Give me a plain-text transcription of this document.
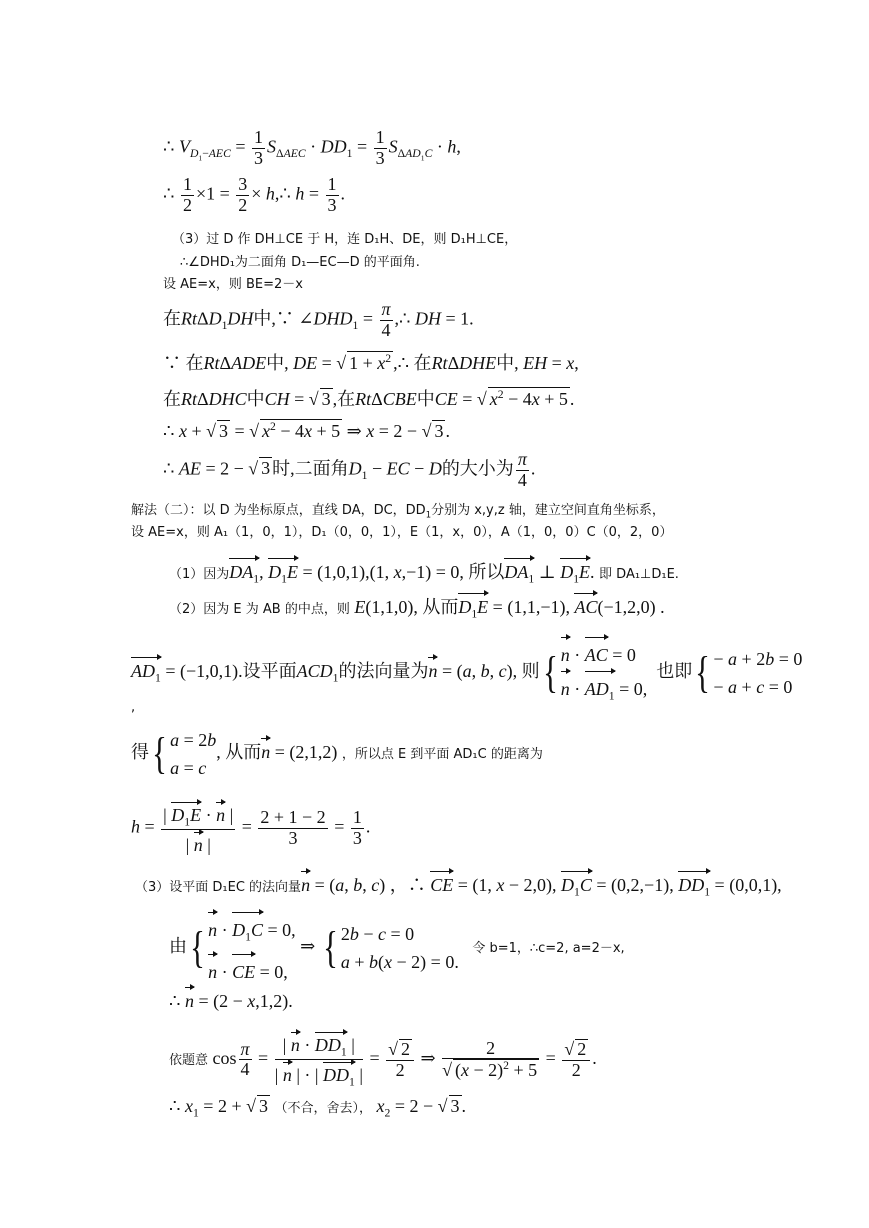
∴ $V_{D_1-AEC} = \frac{1}{3} S_{\Delta AEC} \cdot DD_1 = \frac{1}{3} S_{\Delta AD_1C} \cdot h$,
∴ $\frac{1}{2} \times 1 = \frac{3}{2}$ × h,∴ $h = \frac{1}{3}$ .
（3）过 D 作 DH⊥CE 于 H，连 D₁H、DE，则 D₁H⊥CE，
∴∠DHD₁为二面角 D₁—EC—D 的平面角.
设 AE=x，则 BE=2－x
在RtΔD$_1$DH中,∵ $\angle DHD_1 = \frac{\pi}{4}$ ,∴ DH = 1.
∵ 在RtΔADE中, DE = √ $1 + x^2$ ,∴ 在RtΔDHE中, EH = x,
在RtΔDHC中CH = √ 3 ,在RtΔCBE中CE = √ $x^2 - 4x + 5$ .
∴ x + √ 3 = √ $x^2 - 4x + 5$ ⇒ x = 2 − √ 3 .
∴ AE = 2 − √ 3 时,二面角$D_1$ − EC − D的大小为 $\frac{\pi}{4}$ .
解法（二）：以 D 为坐标原点，直线 DA，DC，$DD_1$分别为 x,y,z 轴，建立空间直角坐标系，
设 AE=x，则 A₁（1，0，1），D₁（0，0，1），E（1，x，0），A（1，0，0）C（0，2，0）
（1）因为$DA_1$, $D_1E = (1,0,1),(1$, x,−1) = 0, 所以$DA_1$ ⊥ $D_1E$. 即 DA₁⊥D₁E.
（2）因为 E 为 AB 的中点，则 E(1,1,0), 从而$D_1E = (1,1,-1)$, AC(−1,2,0) .
$AD_1 = (-1,0,1)$.设平面$ACD_1$的法向量为n = (a, b, c), 则{ n · AC = 0
$n \cdot AD_1 = 0$,  也即{ − a + 2b = 0
− a + c = 0
,
得{ a = 2b
a = c, 从而n = (2,1,2) ，所以点 E 到平面 AD₁C 的距离为
$h = \frac{| D_1E \cdot n |}{| n |} = \frac{2 + 1 - 2}{3} = \frac{1}{3}$ .
（3）设平面 D₁EC 的法向量n = (a, b, c) ，∴ CE = (1, x − 2,0), $D_1C = (0,2,-1)$, $DD_1 = (0,0,1)$,
由{ $n \cdot D_1C = 0$,
n · CE = 0, ⇒ { 2b − c = 0
a + b(x − 2) = 0.   令 b=1，∴c=2, a=2－x,
∴ n = (2 − x,1,2).
依题意 $\cos \frac{\pi}{4} = \frac{| n \cdot DD_1 |}{| n | \cdot | DD_1 |} = \frac{√ 2}{2}$ ⇒ $\frac{2}{√ (x - 2)^2 + 5} = \frac{√ 2}{2}$ .
∴ $x_1 = 2$ + √ 3 （不合，舍去）， $x_2 = 2$ − √ 3 .
